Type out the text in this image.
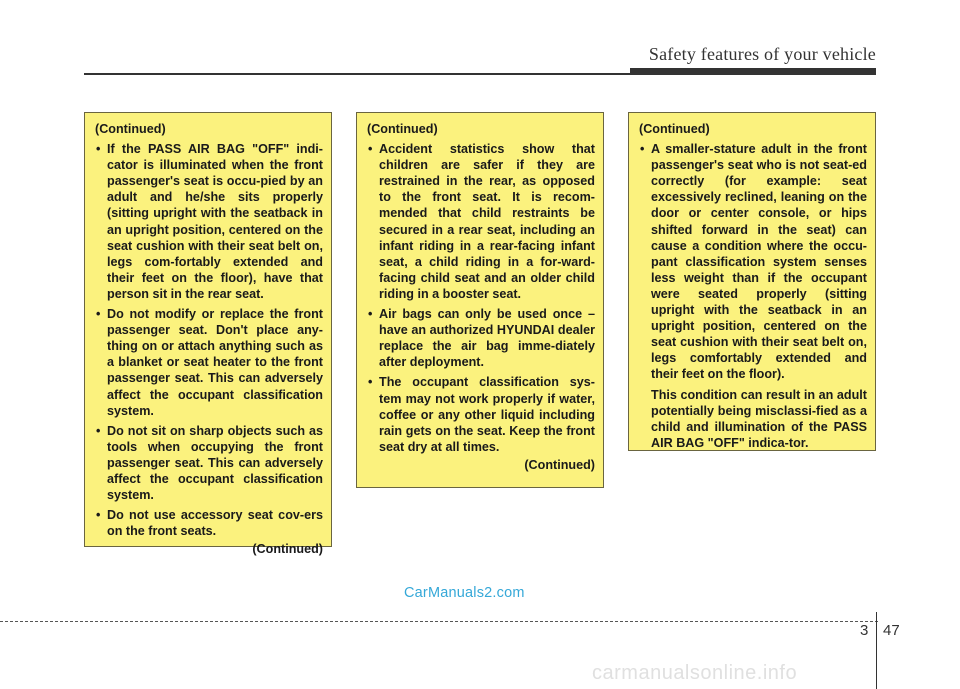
Safety features of your vehicle

(Continued)

• If the PASS AIR BAG "OFF" indi-cator is illuminated when the front passenger's seat is occu-pied by an adult and he/she sits properly (sitting upright with the seatback in an upright position, centered on the seat cushion with their seat belt on, legs com-fortably extended and their feet on the floor), have that person sit in the rear seat.
• Do not modify or replace the front passenger seat. Don't place any-thing on or attach anything such as a blanket or seat heater to the front passenger seat. This can adversely affect the occupant classification system.
• Do not sit on sharp objects such as tools when occupying the front passenger seat. This can adversely affect the occupant classification system.
• Do not use accessory seat cov-ers on the front seats.

(Continued)

(Continued)

• Accident statistics show that children are safer if they are restrained in the rear, as opposed to the front seat. It is recom-mended that child restraints be secured in a rear seat, including an infant riding in a rear-facing infant seat, a child riding in a for-ward-facing child seat and an older child riding in a booster seat.
• Air bags can only be used once – have an authorized HYUNDAI dealer replace the air bag imme-diately after deployment.
• The occupant classification sys-tem may not work properly if water, coffee or any other liquid including rain gets on the seat. Keep the front seat dry at all times.

(Continued)

(Continued)

• A smaller-stature adult in the front passenger's seat who is not seat-ed correctly (for example: seat excessively reclined, leaning on the door or center console, or hips shifted forward in the seat) can cause a condition where the occu-pant classification system senses less weight than if the occupant were seated properly (sitting upright with the seatback in an upright position, centered on the seat cushion with their seat belt on, legs comfortably extended and their feet on the floor).

This condition can result in an adult potentially being misclassi-fied as a child and illumination of the PASS AIR BAG "OFF" indica-tor.

CarManuals2.com
3 47
carmanualsonline.info
